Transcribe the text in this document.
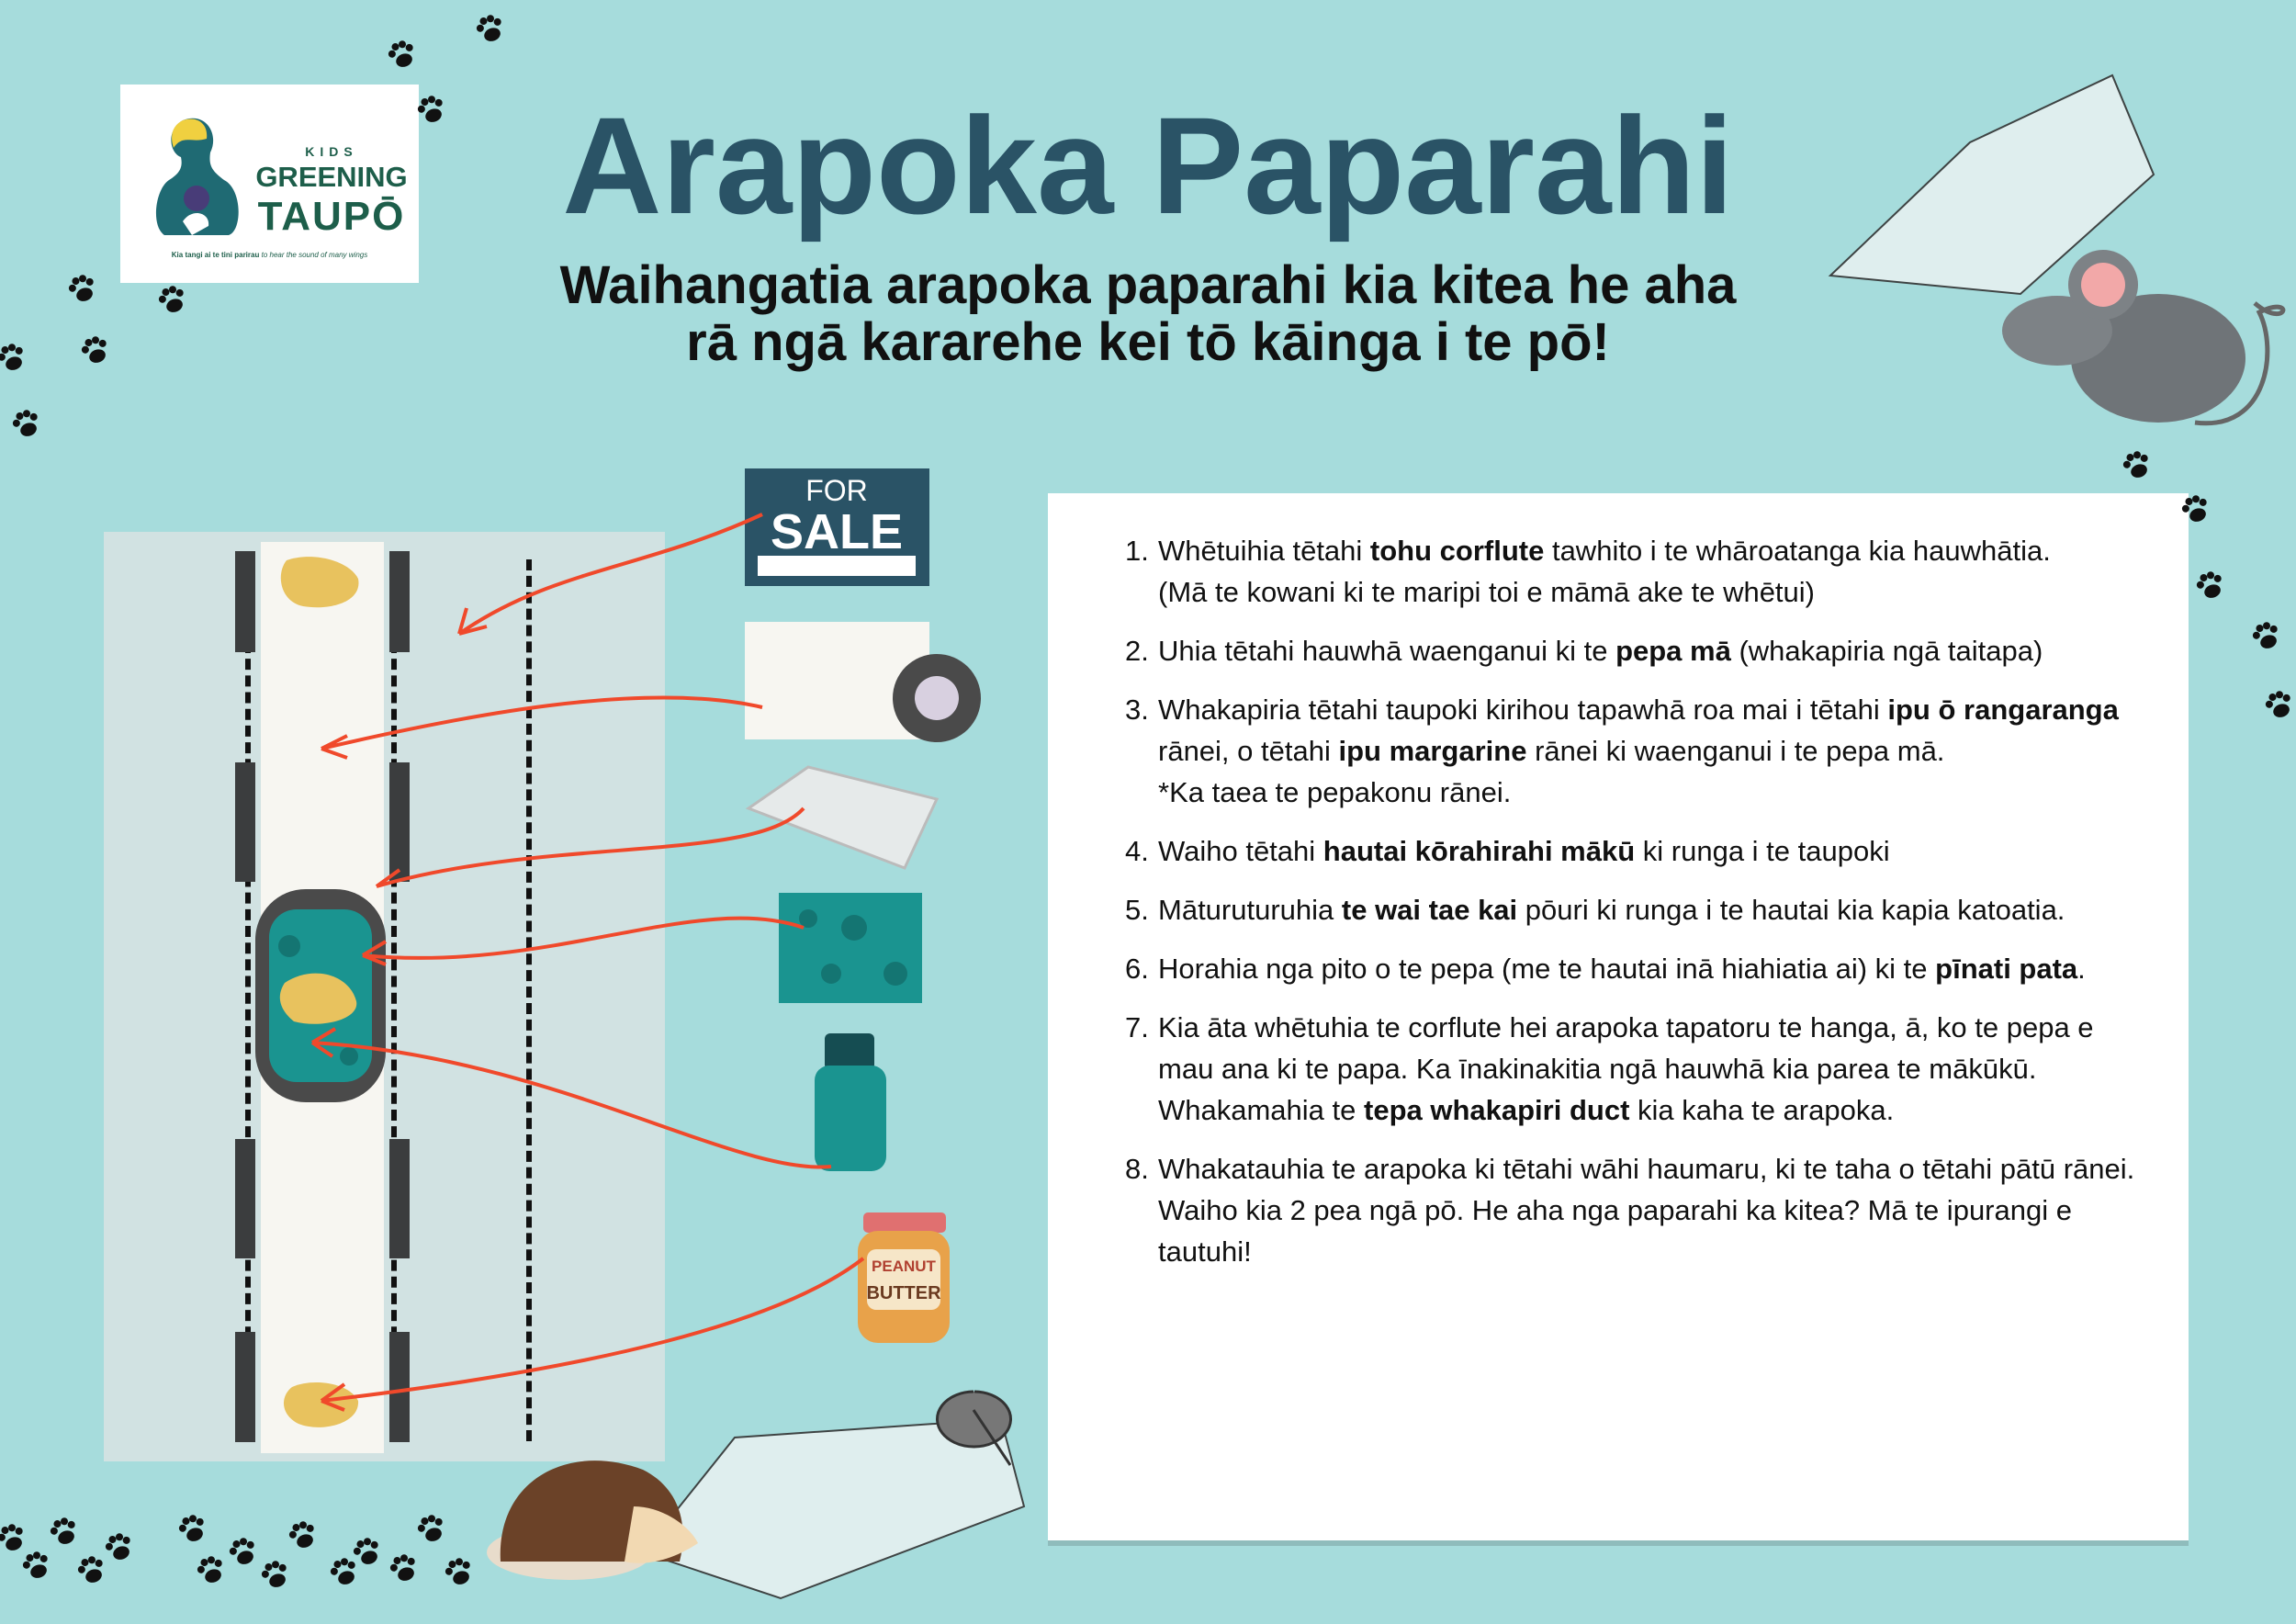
KIDS
GREENING
TAUPŌ
Kia tangi ai te tini parirau to hear the sound of many wings
Arapoka Paparahi
Waihangatia arapoka paparahi kia kitea he aha
rā ngā kararehe kei tō kāinga i te pō!
FOR
SALE
PEANUT
BUTTER
1. Whētuihia tētahi tohu corflute tawhito i te whāroatanga kia hauwhātia.
(Mā te kowani ki te maripi toi e māmā ake te whētui)
2. Uhia tētahi hauwhā waenganui ki te pepa mā (whakapiria ngā taitapa)
3. Whakapiria tētahi taupoki kirihou tapawhā roa mai i tētahi ipu ō rangaranga rānei, o tētahi ipu margarine rānei ki waenganui i te pepa mā.
*Ka taea te pepakonu rānei.
4. Waiho tētahi hautai kōrahirahi mākū ki runga i te taupoki
5. Māturuturuhia te wai tae kai pōuri ki runga i te hautai kia kapia katoatia.
6. Horahia nga pito o te pepa (me te hautai inā hiahiatia ai) ki te pīnati pata.
7. Kia āta whētuhia te corflute hei arapoka tapatoru te hanga, ā, ko te pepa e mau ana ki te papa. Ka īnakinakitia ngā hauwhā kia parea te mākūkū. Whakamahia te tepa whakapiri duct kia kaha te arapoka.
8. Whakatauhia te arapoka ki tētahi wāhi haumaru, ki te taha o tētahi pātū rānei. Waiho kia 2 pea ngā pō. He aha nga paparahi ka kitea? Mā te ipurangi e tautuhi!
